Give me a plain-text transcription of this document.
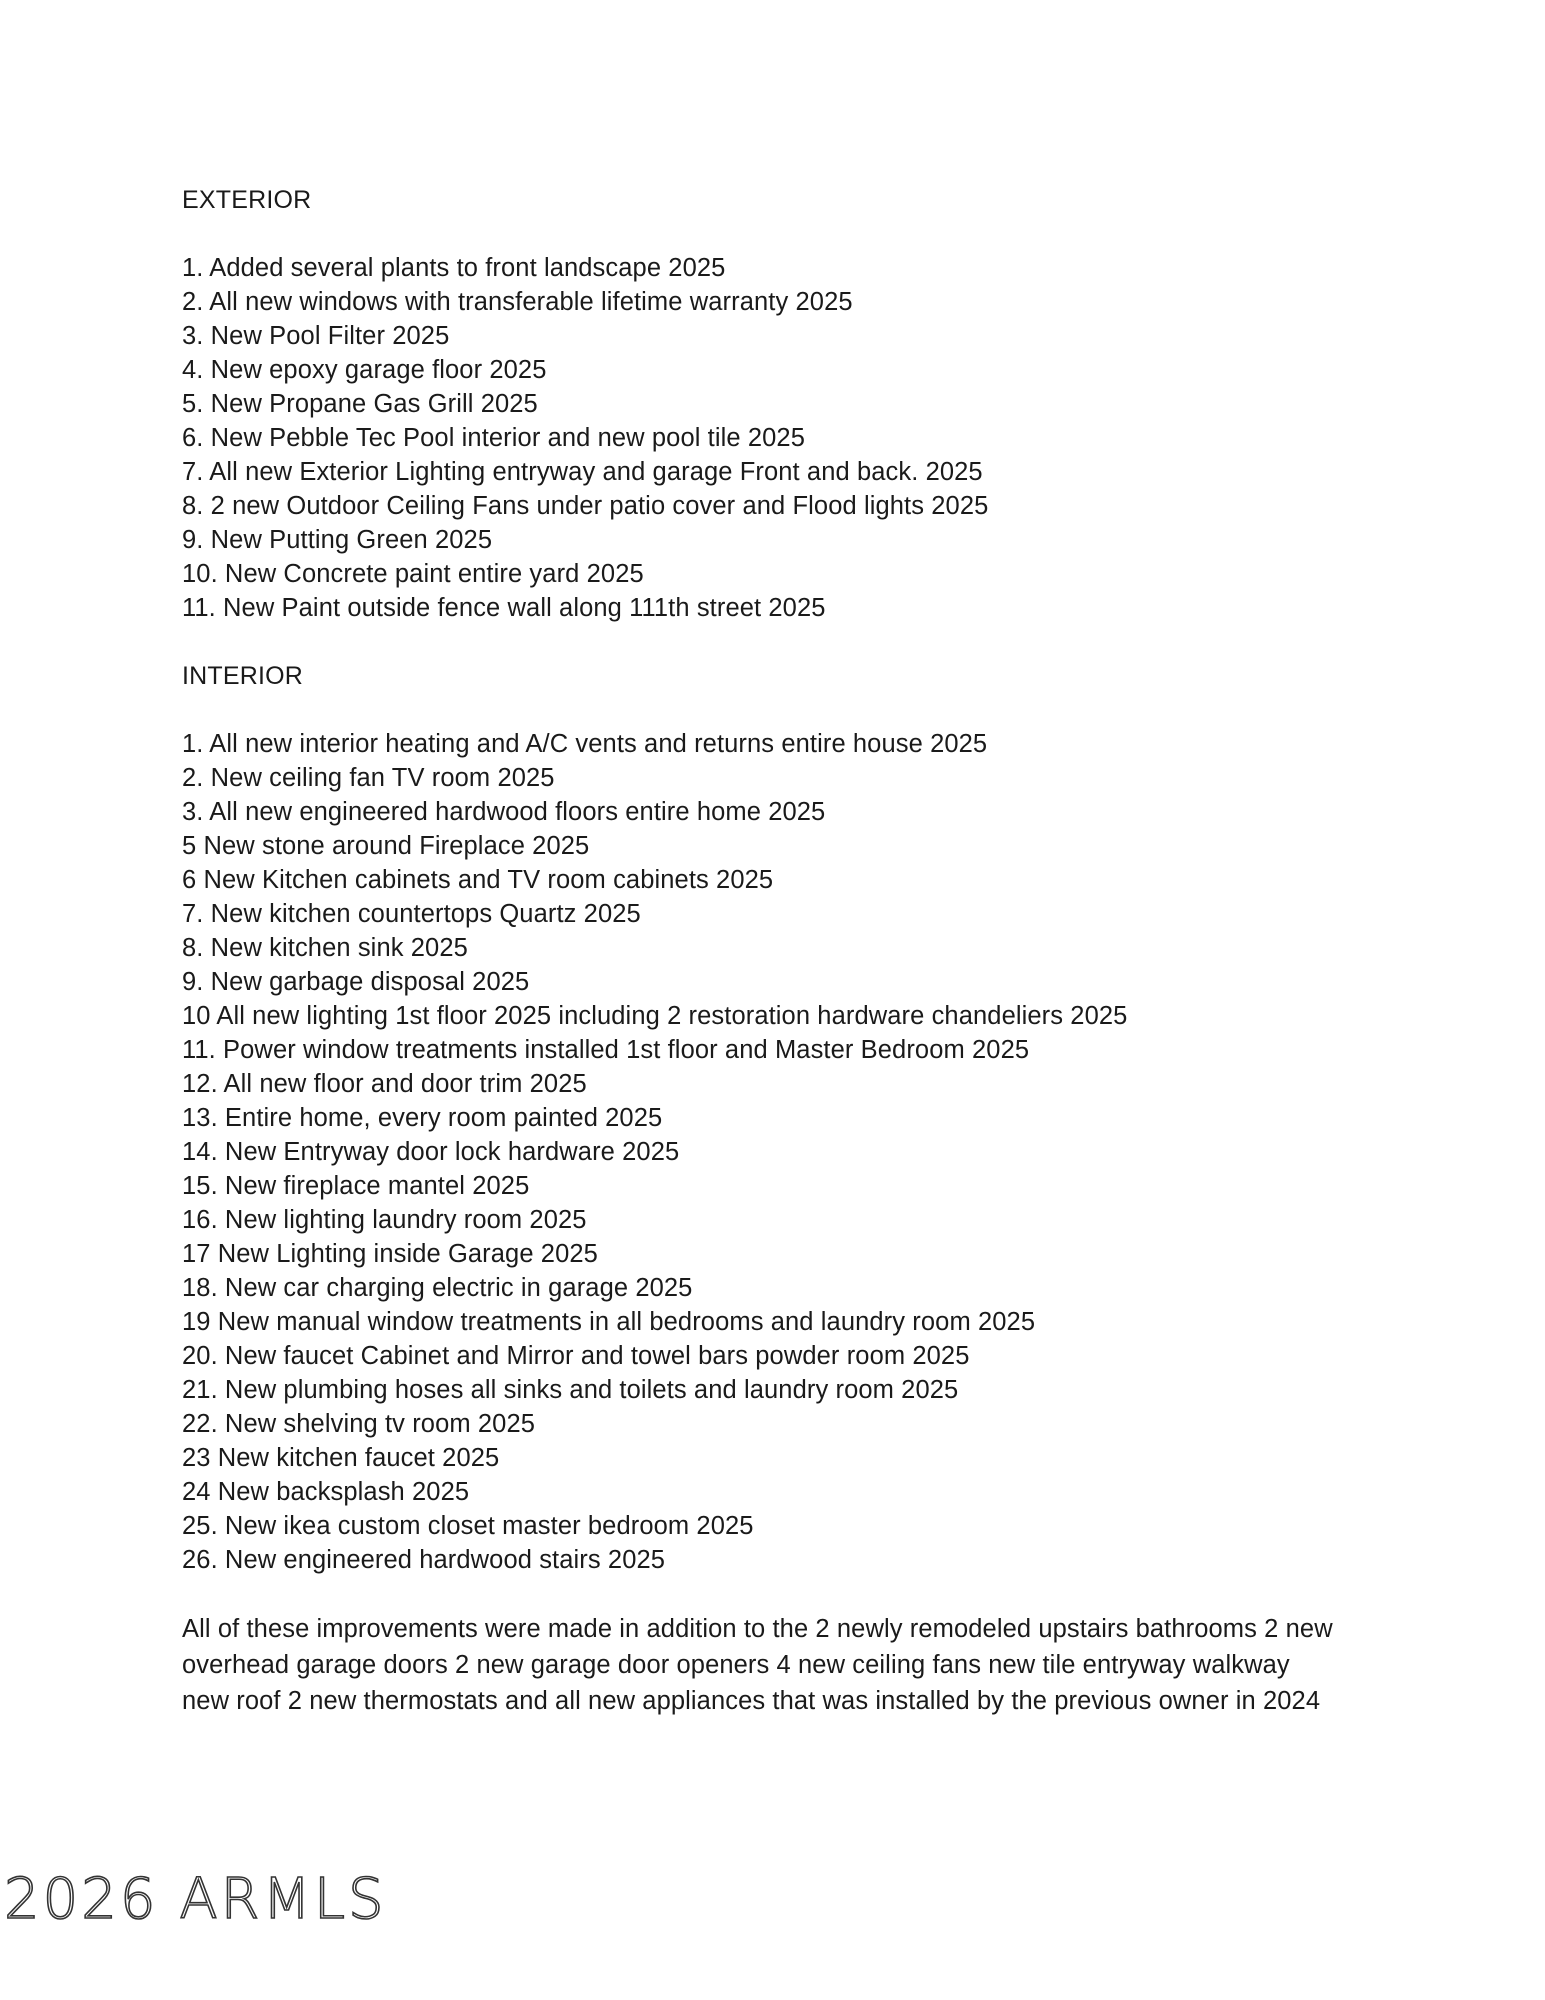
EXTERIOR
1. Added several plants to front landscape 2025
2. All new windows with transferable lifetime warranty 2025
3. New Pool Filter 2025
4. New epoxy garage floor 2025
5. New Propane Gas Grill 2025
6. New Pebble Tec Pool interior and new pool tile 2025
7. All new Exterior Lighting entryway and garage Front and back. 2025
8. 2 new Outdoor Ceiling Fans under patio cover and Flood lights 2025
9. New Putting Green 2025
10. New Concrete paint entire yard 2025
11. New Paint outside fence wall along 111th street 2025
INTERIOR
1. All new interior heating and A/C vents and returns entire house 2025
2. New ceiling fan TV room 2025
3. All new engineered hardwood floors entire home 2025
5 New stone around Fireplace 2025
6 New Kitchen cabinets and TV room cabinets 2025
7. New kitchen countertops Quartz 2025
8. New kitchen sink 2025
9. New garbage disposal 2025
10 All new lighting 1st floor 2025 including 2 restoration hardware chandeliers 2025
11. Power window treatments installed 1st floor and Master Bedroom 2025
12. All new floor and door trim 2025
13. Entire home, every room painted 2025
14. New Entryway door lock hardware 2025
15. New fireplace mantel 2025
16. New lighting laundry room 2025
17 New Lighting inside Garage 2025
18. New car charging electric in garage 2025
19 New manual window treatments in all bedrooms and laundry room 2025
20. New faucet Cabinet and Mirror and towel bars powder room 2025
21. New plumbing hoses all sinks and toilets and laundry room 2025
22. New shelving tv room 2025
23 New kitchen faucet 2025
24 New backsplash 2025
25. New ikea custom closet master bedroom 2025
26. New engineered hardwood stairs 2025

All of these improvements were made in addition to the 2 newly remodeled upstairs bathrooms 2 new overhead garage doors 2 new garage door openers 4 new ceiling fans new tile entryway walkway new roof 2 new thermostats and all new appliances that was installed by the previous owner in 2024

2026 ARMLS
